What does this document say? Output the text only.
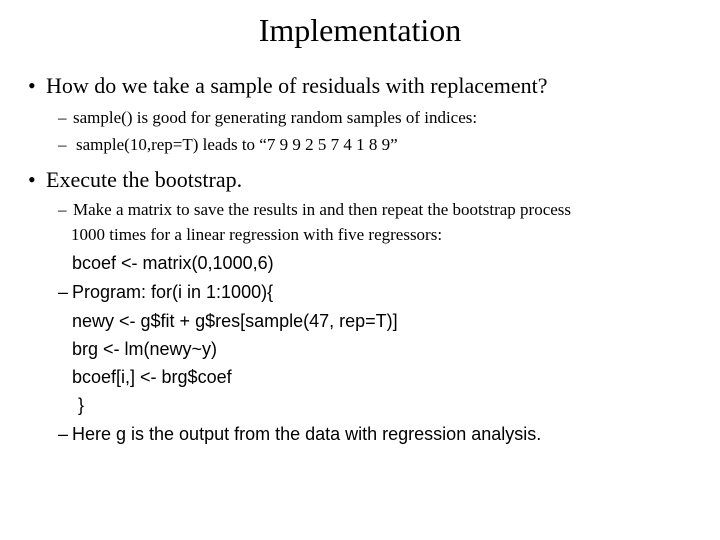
Implementation
• How do we take a sample of residuals with replacement?
– sample() is good for generating random samples of indices:
– sample(10,rep=T) leads to “7 9 9 2 5 7 4 1 8 9”
• Execute the bootstrap.
– Make a matrix to save the results in and then repeat the bootstrap process
1000 times for a linear regression with five regressors:
bcoef <- matrix(0,1000,6)
– Program: for(i in 1:1000){
newy <- g$fit + g$res[sample(47, rep=T)]
brg <- lm(newy~y)
bcoef[i,] <- brg$coef
}
– Here g is the output from the data with regression analysis.
